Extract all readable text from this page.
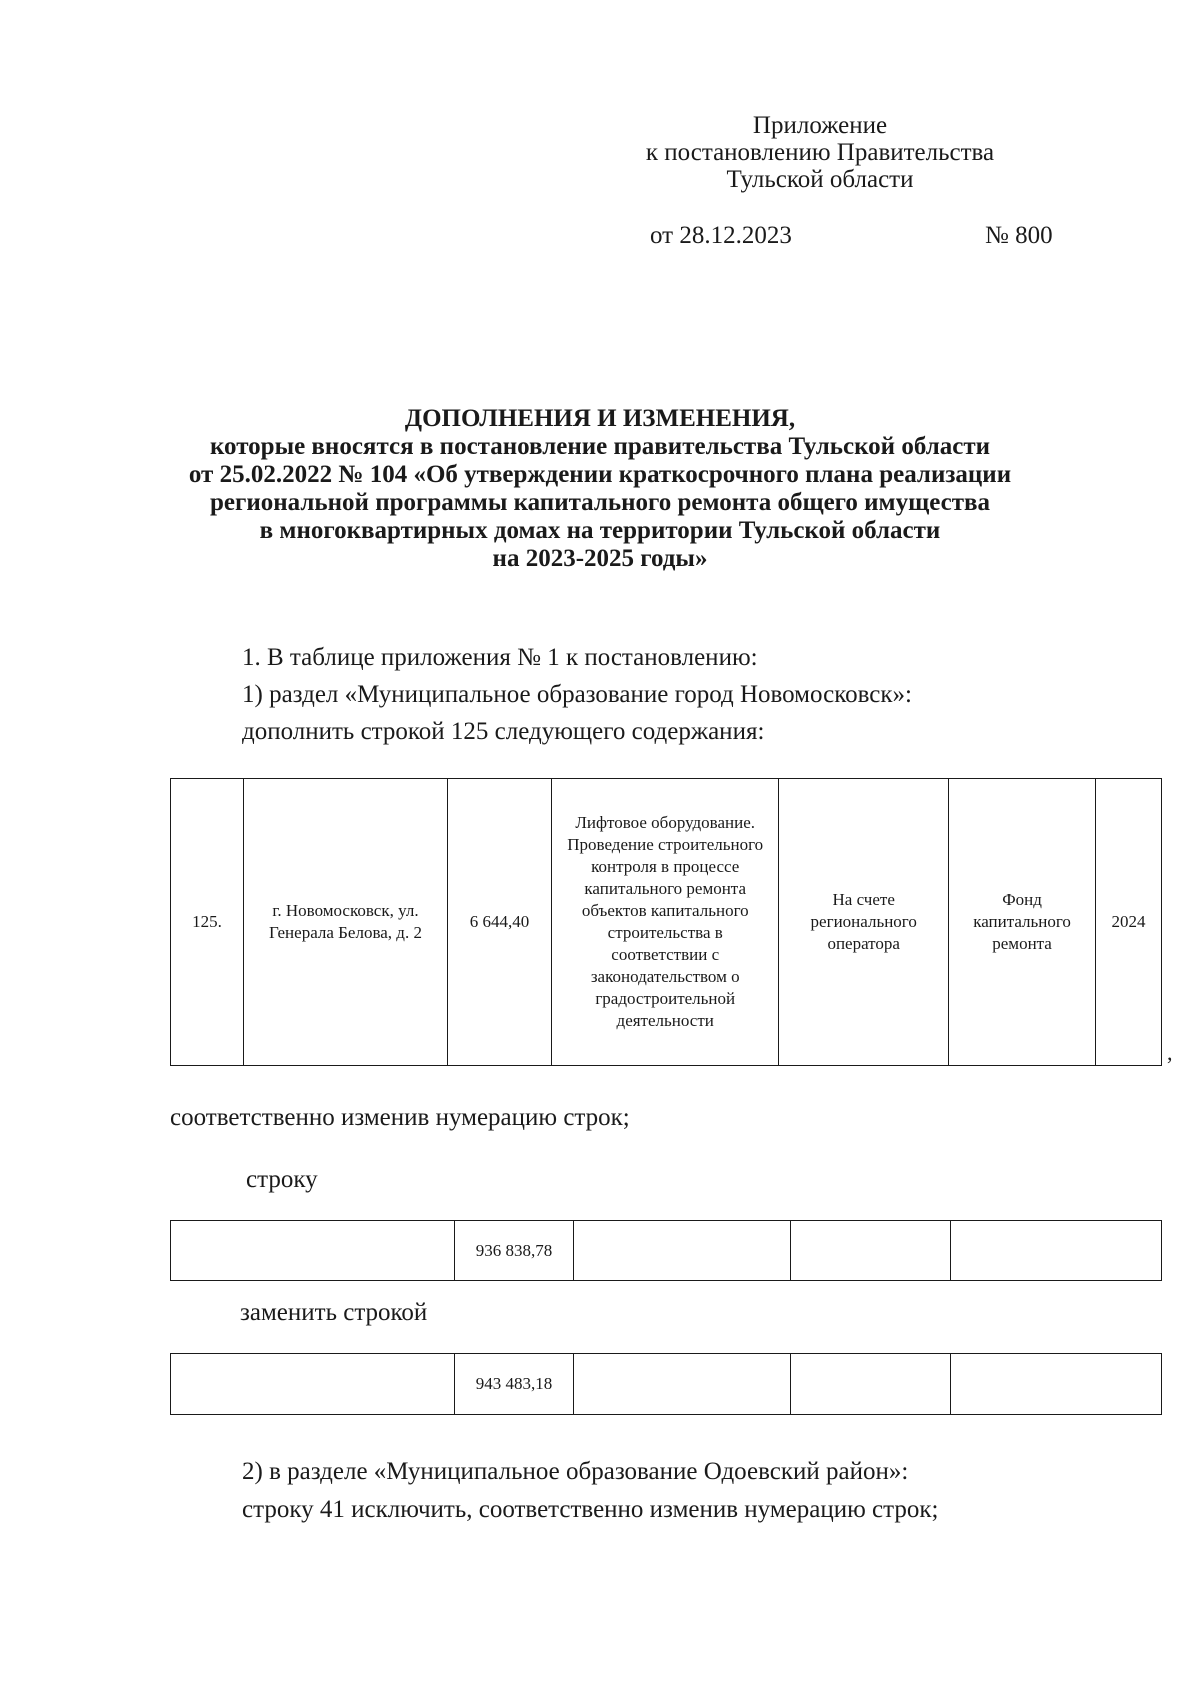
Приложение
к постановлению Правительства
Тульской области
от 28.12.2023	№ 800
ДОПОЛНЕНИЯ И ИЗМЕНЕНИЯ,
которые вносятся в постановление правительства Тульской области
от 25.02.2022 № 104 «Об утверждении краткосрочного плана реализации
региональной программы капитального ремонта общего имущества
в многоквартирных домах на территории Тульской области
на 2023-2025 годы»
1. В таблице приложения № 1 к постановлению:
1) раздел «Муниципальное образование город Новомосковск»:
дополнить строкой 125 следующего содержания:
125.	г. Новомосковск, ул. Генерала Белова, д. 2	6 644,40	Лифтовое оборудование. Проведение строительного контроля в процессе капитального ремонта объектов капитального строительства в соответствии с законодательством о градостроительной деятельности	На счете регионального оператора	Фонд капитального ремонта	2024
,
соответственно изменив нумерацию строк;
строку
	936 838,78			
заменить строкой
	943 483,18			
2) в разделе «Муниципальное образование Одоевский район»:
строку 41 исключить, соответственно изменив нумерацию строк;
